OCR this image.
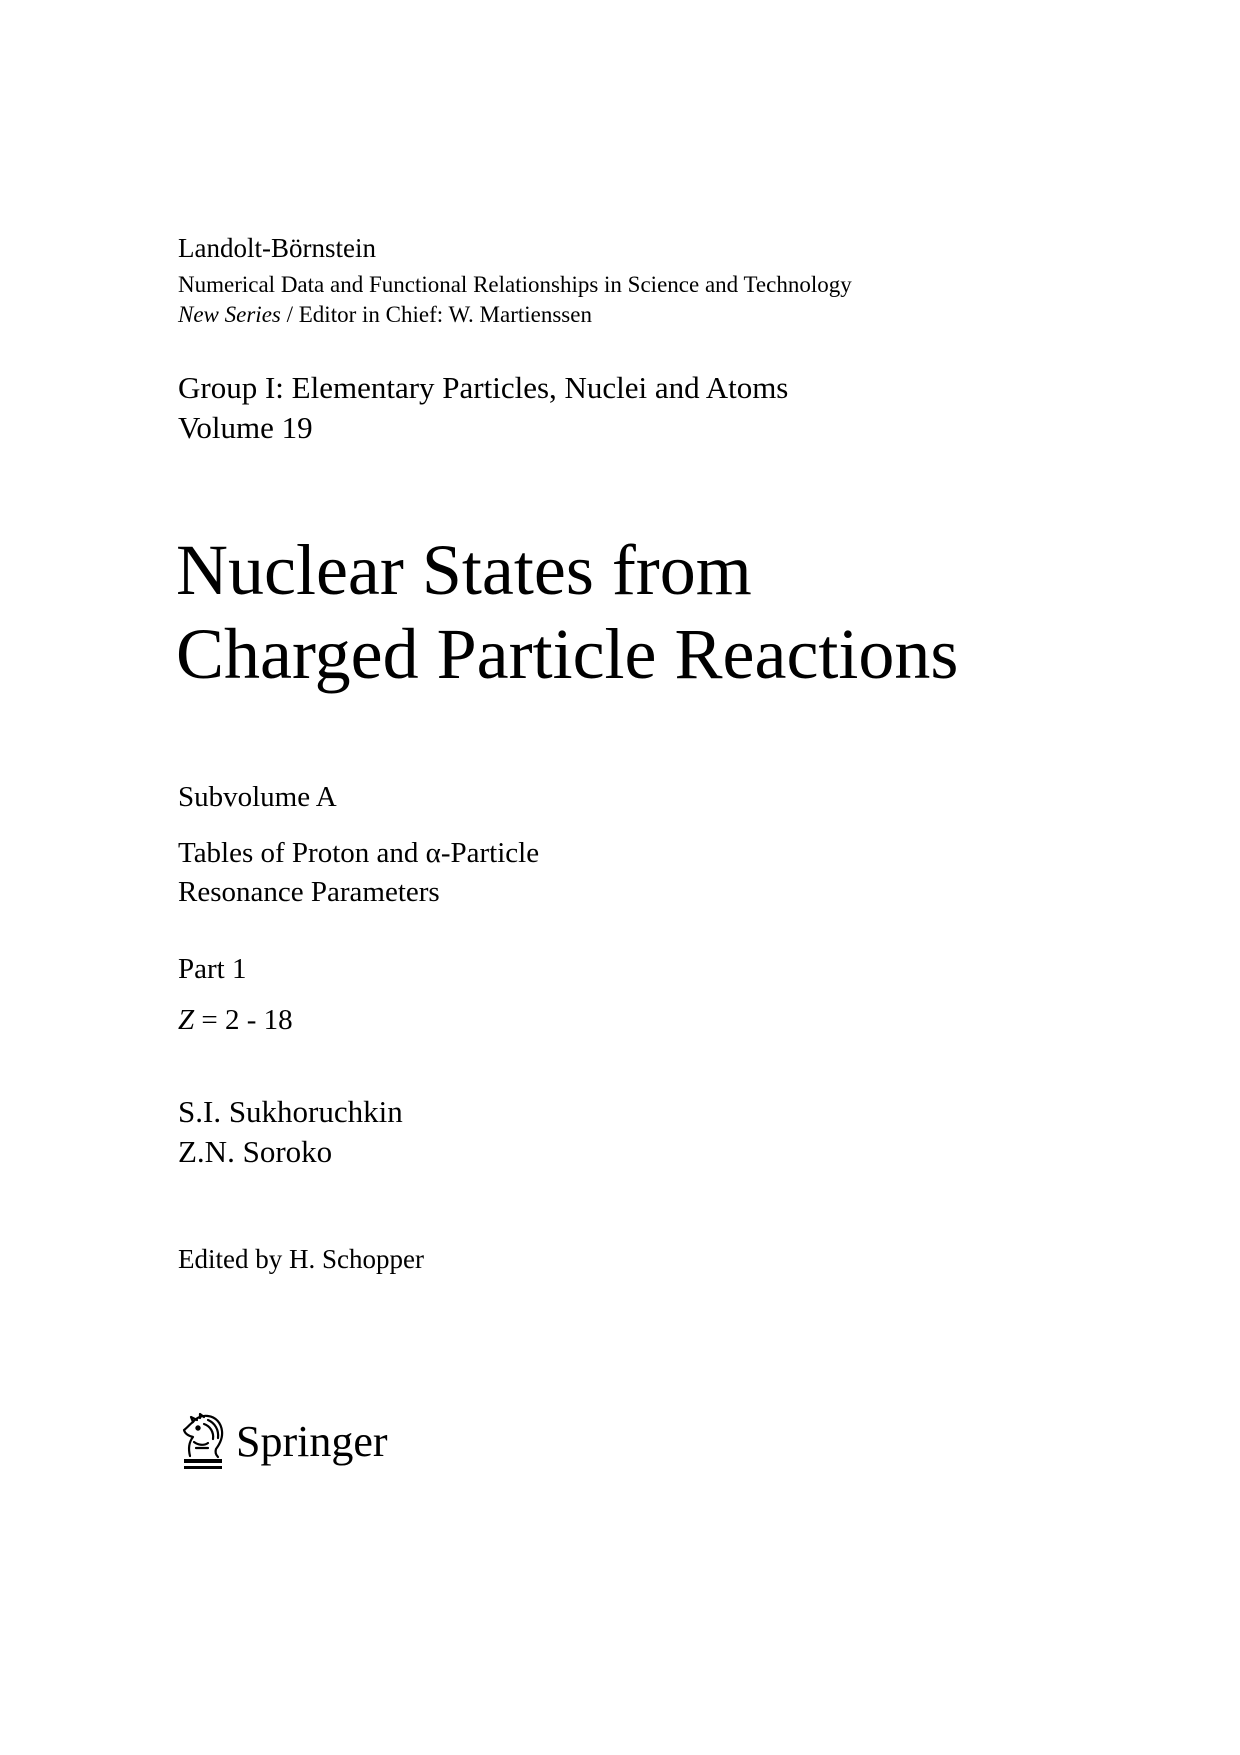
Landolt-Börnstein
Numerical Data and Functional Relationships in Science and Technology
New Series / Editor in Chief: W. Martienssen
Group I: Elementary Particles, Nuclei and Atoms
Volume 19
Nuclear States from
Charged Particle Reactions
Subvolume A
Tables of Proton and α-Particle
Resonance Parameters
Part 1
Z = 2 - 18
S.I. Sukhoruchkin
Z.N. Soroko
Edited by H. Schopper
Springer
